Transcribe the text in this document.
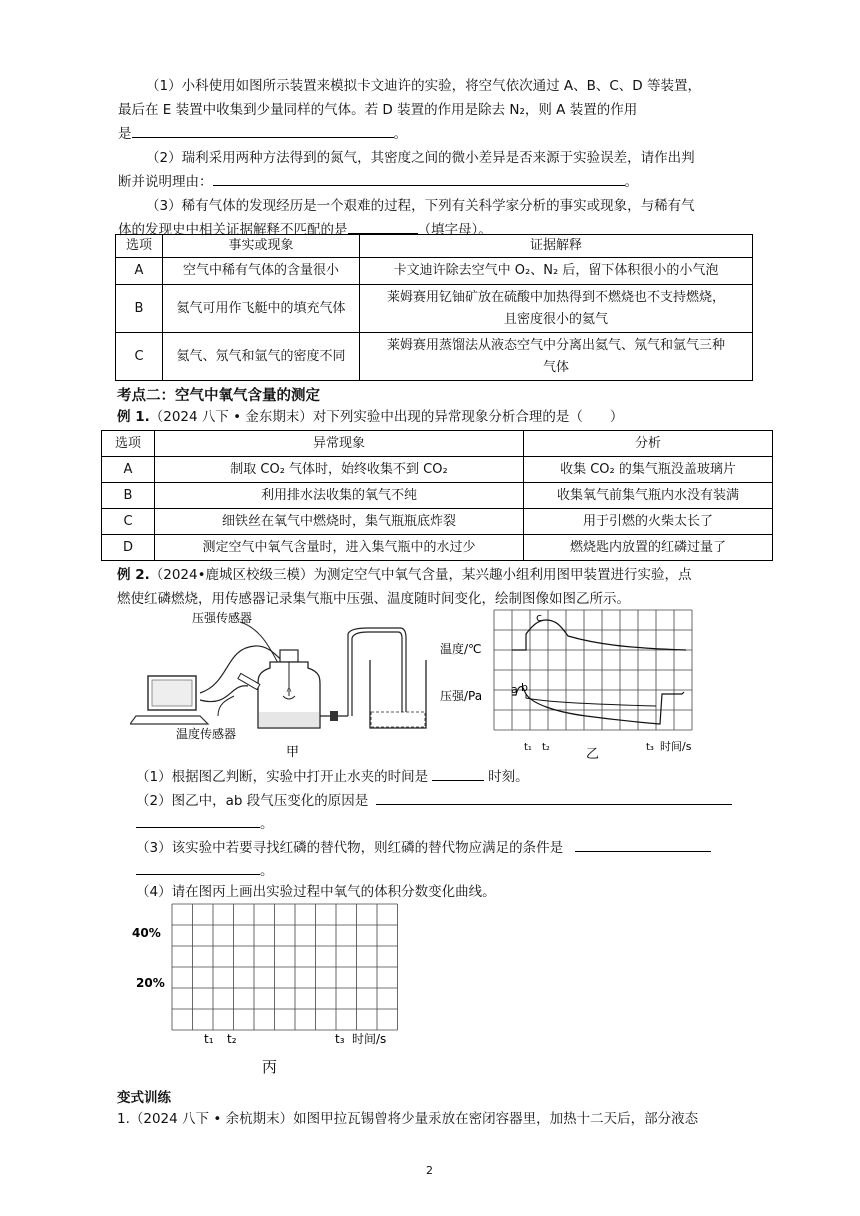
（1）小科使用如图所示装置来模拟卡文迪许的实验，将空气依次通过 A、B、C、D 等装置，
最后在 E 装置中收集到少量同样的气体。若 D 装置的作用是除去 N₂，则 A 装置的作用
是	。
（2）瑞利采用两种方法得到的氮气，其密度之间的微小差异是否来源于实验误差，请作出判
断并说明理由：	。
（3）稀有气体的发现经历是一个艰难的过程，下列有关科学家分析的事实或现象，与稀有气
体的发现史中相关证据解释不匹配的是	（填字母）。
选项	事实或现象	证据解释
A	空气中稀有气体的含量很小	卡文迪许除去空气中 O₂、N₂ 后，留下体积很小的小气泡
B	氦气可用作飞艇中的填充气体	莱姆赛用钇铀矿放在硫酸中加热得到不燃烧也不支持燃烧，
且密度很小的氦气

C	氦气、氖气和氩气的密度不同	莱姆赛用蒸馏法从液态空气中分离出氦气、氖气和氩气三种
气体
考点二：空气中氧气含量的测定
例 1.（2024 八下 • 金东期末）对下列实验中出现的异常现象分析合理的是（　　）
选项	异常现象	分析
A	制取 CO₂ 气体时，始终收集不到 CO₂	收集 CO₂ 的集气瓶没盖玻璃片
B	利用排水法收集的氧气不纯	收集氧气前集气瓶内水没有装满
C	细铁丝在氧气中燃烧时，集气瓶瓶底炸裂	用于引燃的火柴太长了
D	测定空气中氧气含量时，进入集气瓶中的水过少	燃烧匙内放置的红磷过量了
例 2.（2024•鹿城区校级三模）为测定空气中氧气含量，某兴趣小组利用图甲装置进行实验，点
燃使红磷燃烧，用传感器记录集气瓶中压强、温度随时间变化，绘制图像如图乙所示。
压强传感器
温度传感器
甲
温度/℃
压强/Pa
c
a b
t₁ t₂	t₃ 时间/s
乙
（1）根据图乙判断，实验中打开止水夹的时间是	时刻。
（2）图乙中，ab 段气压变化的原因是
。
（3）该实验中若要寻找红磷的替代物，则红磷的替代物应满足的条件是
。
（4）请在图丙上画出实验过程中氧气的体积分数变化曲线。
40%
20%
t₁ t₂	t₃ 时间/s
丙
变式训练
1.（2024 八下 • 余杭期末）如图甲拉瓦锡曾将少量汞放在密闭容器里，加热十二天后，部分液态
2
